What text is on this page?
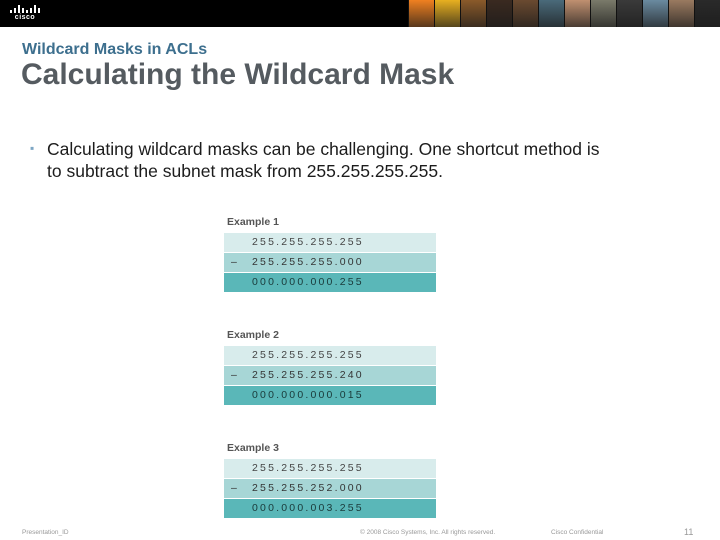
cisco
Wildcard Masks in ACLs
Calculating the Wildcard Mask
▪ Calculating wildcard masks can be challenging. One shortcut method is to subtract the subnet mask from 255.255.255.255.
Example 1
255.255.255.255
– 255.255.255.000
000.000.000.255
Example 2
255.255.255.255
– 255.255.255.240
000.000.000.015
Example 3
255.255.255.255
– 255.255.252.000
000.000.003.255
Presentation_ID	© 2008 Cisco Systems, Inc. All rights reserved.	Cisco Confidential	11
